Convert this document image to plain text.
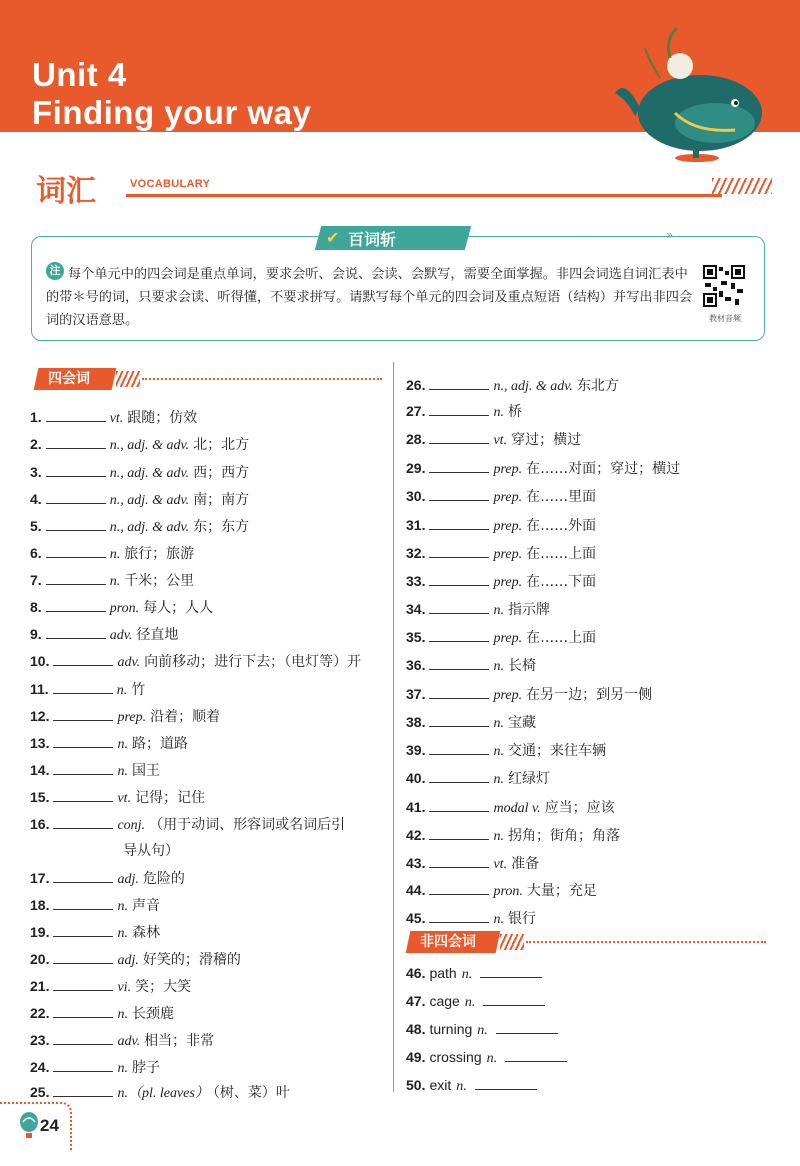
Unit 4
Finding your way
词汇	VOCABULARY
✔ 百词斩	»
注 每个单元中的四会词是重点单词，要求会听、会说、会读、会默写，需要全面掌握。非四会词选自词汇表中的带＊号的词，只要求会读、听得懂，不要求拼写。请默写每个单元的四会词及重点短语（结构）并写出非四会词的汉语意思。	教材音频
四会词
1.	vt. 跟随；仿效
2.	n., adj. & adv. 北；北方
3.	n., adj. & adv. 西；西方
4.	n., adj. & adv. 南；南方
5.	n., adj. & adv. 东；东方
6.	n. 旅行；旅游
7.	n. 千米；公里
8.	pron. 每人；人人
9.	adv. 径直地
10.	adv. 向前移动；进行下去；（电灯等）开
11.	n. 竹
12.	prep. 沿着；顺着
13.	n. 路；道路
14.	n. 国王
15.	vt. 记得；记住
16.	conj. （用于动词、形容词或名词后引
导从句）
17.	adj. 危险的
18.	n. 声音
19.	n. 森林
20.	adj. 好笑的；滑稽的
21.	vi. 笑；大笑
22.	n. 长颈鹿
23.	adv. 相当；非常
24.	n. 脖子
25.	n.（pl. leaves） （树、菜）叶
26.	n., adj. & adv. 东北方
27.	n. 桥
28.	vt. 穿过；横过
29.	prep. 在……对面；穿过；横过
30.	prep. 在……里面
31.	prep. 在……外面
32.	prep. 在……上面
33.	prep. 在……下面
34.	n. 指示牌
35.	prep. 在……上面
36.	n. 长椅
37.	prep. 在另一边；到另一侧
38.	n. 宝藏
39.	n. 交通；来往车辆
40.	n. 红绿灯
41.	modal v. 应当；应该
42.	n. 拐角；街角；角落
43.	vt. 准备
44.	pron. 大量；充足
45.	n. 银行
非四会词
46. path n.
47. cage n.
48. turning n.
49. crossing n.
50. exit n.
24
